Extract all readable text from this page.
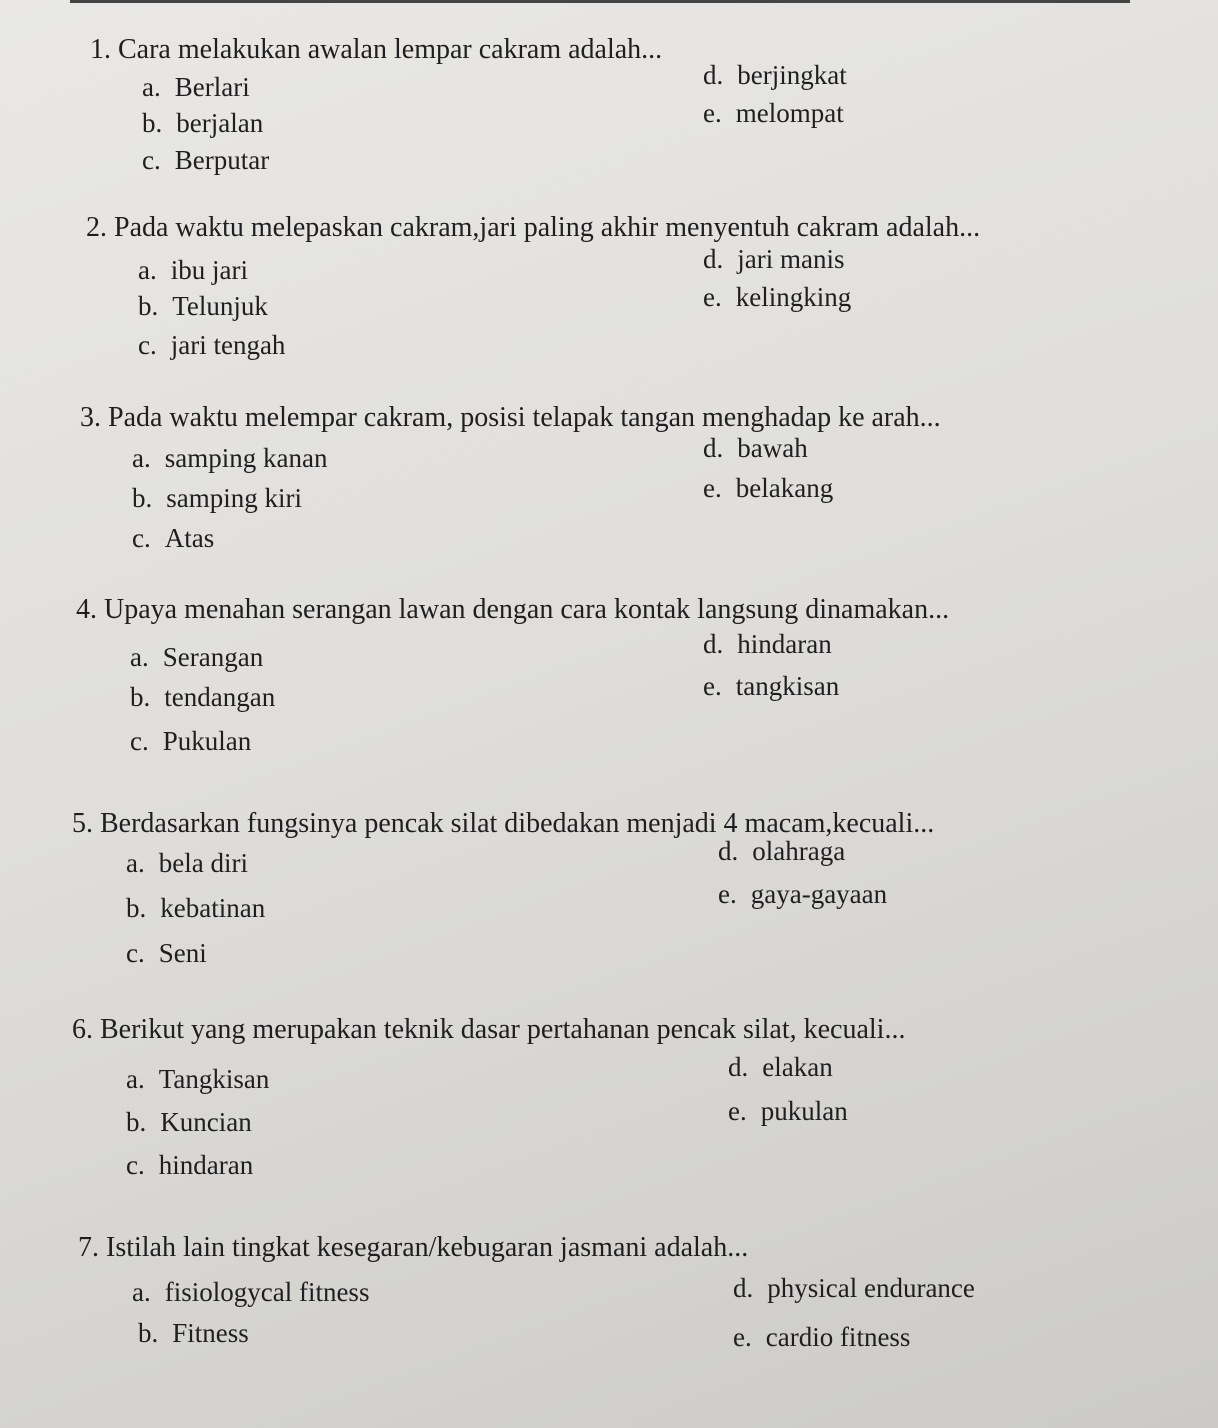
1. Cara melakukan awalan lempar cakram adalah...
a. Berlari
b. berjalan
c. Berputar
d. berjingkat
e. melompat
2. Pada waktu melepaskan cakram,jari paling akhir menyentuh cakram adalah...
a. ibu jari
b. Telunjuk
c. jari tengah
d. jari manis
e. kelingking
3. Pada waktu melempar cakram, posisi telapak tangan menghadap ke arah...
a. samping kanan
b. samping kiri
c. Atas
d. bawah
e. belakang
4. Upaya menahan serangan lawan dengan cara kontak langsung dinamakan...
a. Serangan
b. tendangan
c. Pukulan
d. hindaran
e. tangkisan
5. Berdasarkan fungsinya pencak silat dibedakan menjadi 4 macam,kecuali...
a. bela diri
b. kebatinan
c. Seni
d. olahraga
e. gaya-gayaan
6. Berikut yang merupakan teknik dasar pertahanan pencak silat, kecuali...
a. Tangkisan
b. Kuncian
c. hindaran
d. elakan
e. pukulan
7. Istilah lain tingkat kesegaran/kebugaran jasmani adalah...
a. fisiologycal fitness
b. Fitness
d. physical endurance
e. cardio fitness
